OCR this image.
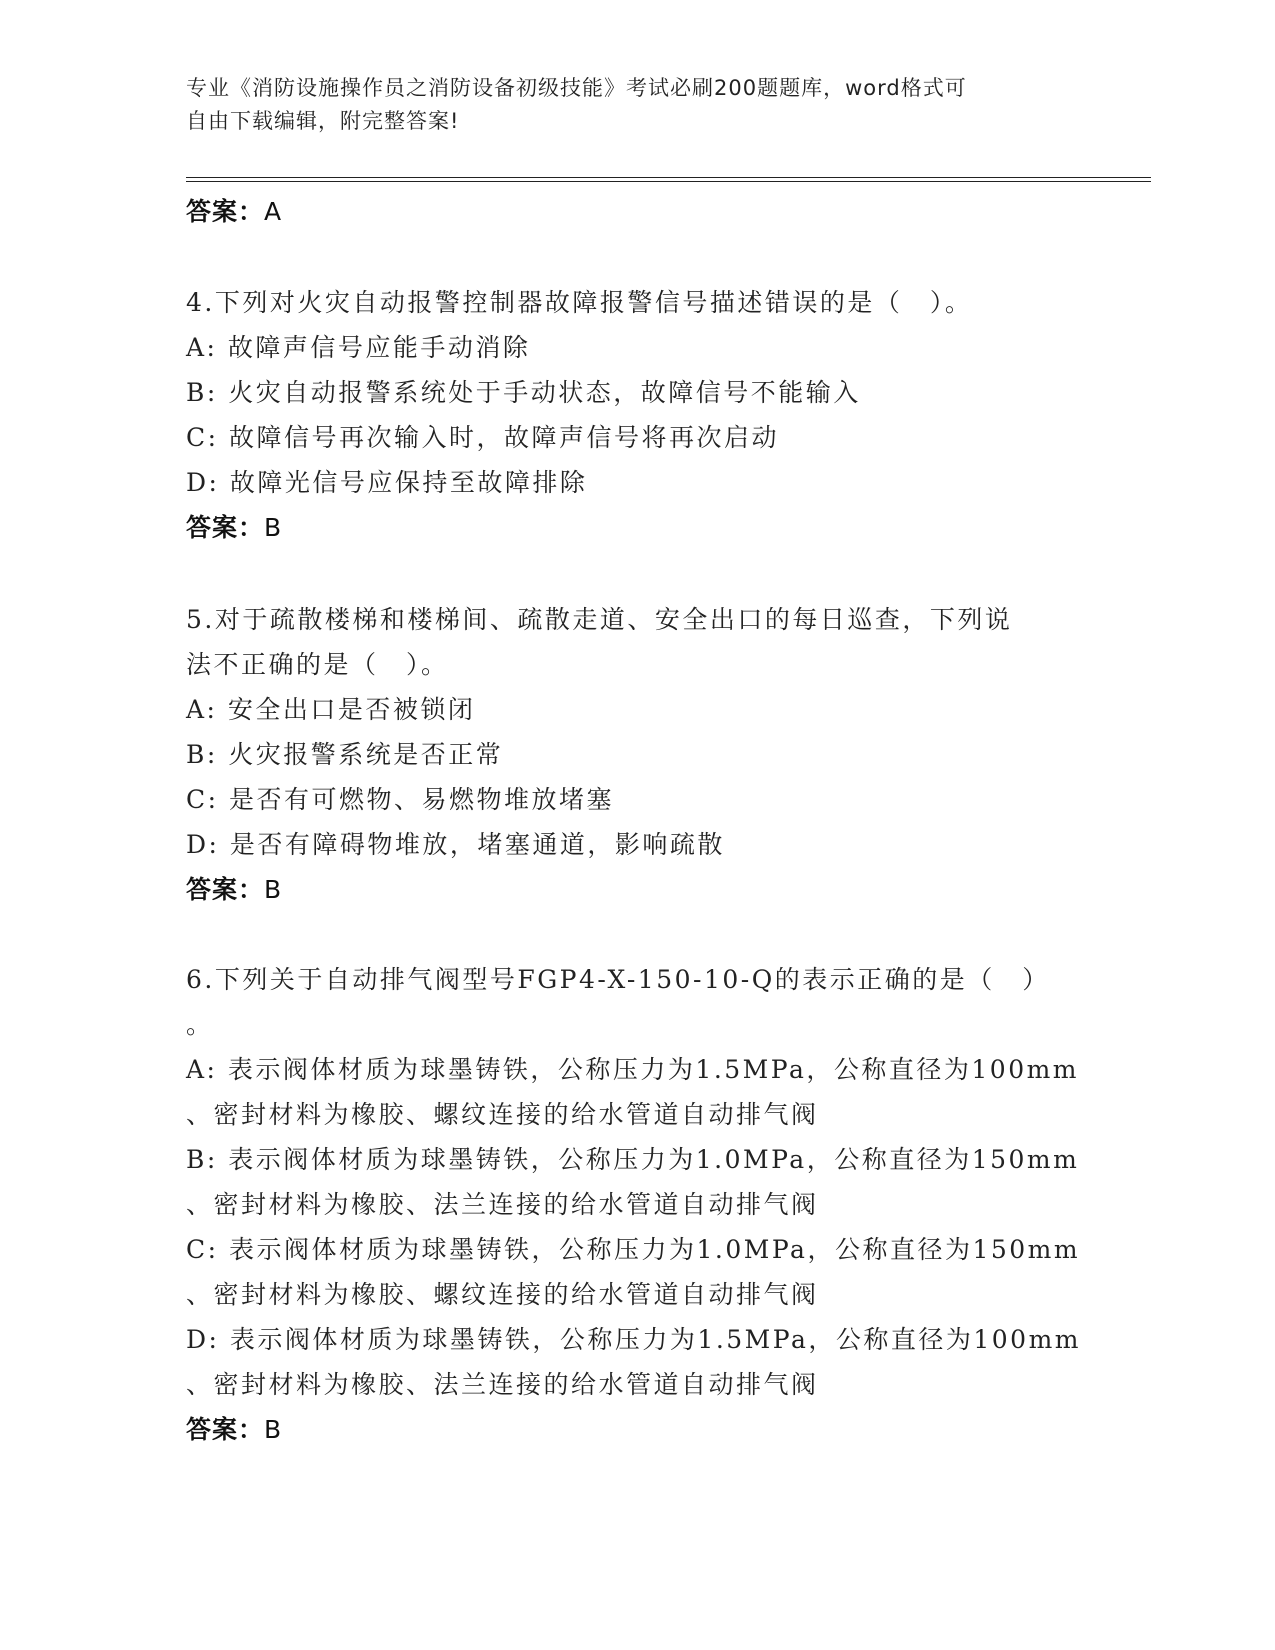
专业《消防设施操作员之消防设备初级技能》考试必刷200题题库，word格式可
自由下载编辑，附完整答案!
答案：A
4.下列对火灾自动报警控制器故障报警信号描述错误的是（　）。
A: 故障声信号应能手动消除
B: 火灾自动报警系统处于手动状态，故障信号不能输入
C: 故障信号再次输入时，故障声信号将再次启动
D: 故障光信号应保持至故障排除
答案：B
5.对于疏散楼梯和楼梯间、疏散走道、安全出口的每日巡查，下列说
法不正确的是（　）。
A: 安全出口是否被锁闭
B: 火灾报警系统是否正常
C: 是否有可燃物、易燃物堆放堵塞
D: 是否有障碍物堆放，堵塞通道，影响疏散
答案：B
6.下列关于自动排气阀型号FGP4-X-150-10-Q的表示正确的是（　）
。
A: 表示阀体材质为球墨铸铁，公称压力为1.5MPa，公称直径为100mm
、密封材料为橡胶、螺纹连接的给水管道自动排气阀
B: 表示阀体材质为球墨铸铁，公称压力为1.0MPa，公称直径为150mm
、密封材料为橡胶、法兰连接的给水管道自动排气阀
C: 表示阀体材质为球墨铸铁，公称压力为1.0MPa，公称直径为150mm
、密封材料为橡胶、螺纹连接的给水管道自动排气阀
D: 表示阀体材质为球墨铸铁，公称压力为1.5MPa，公称直径为100mm
、密封材料为橡胶、法兰连接的给水管道自动排气阀
答案：B
